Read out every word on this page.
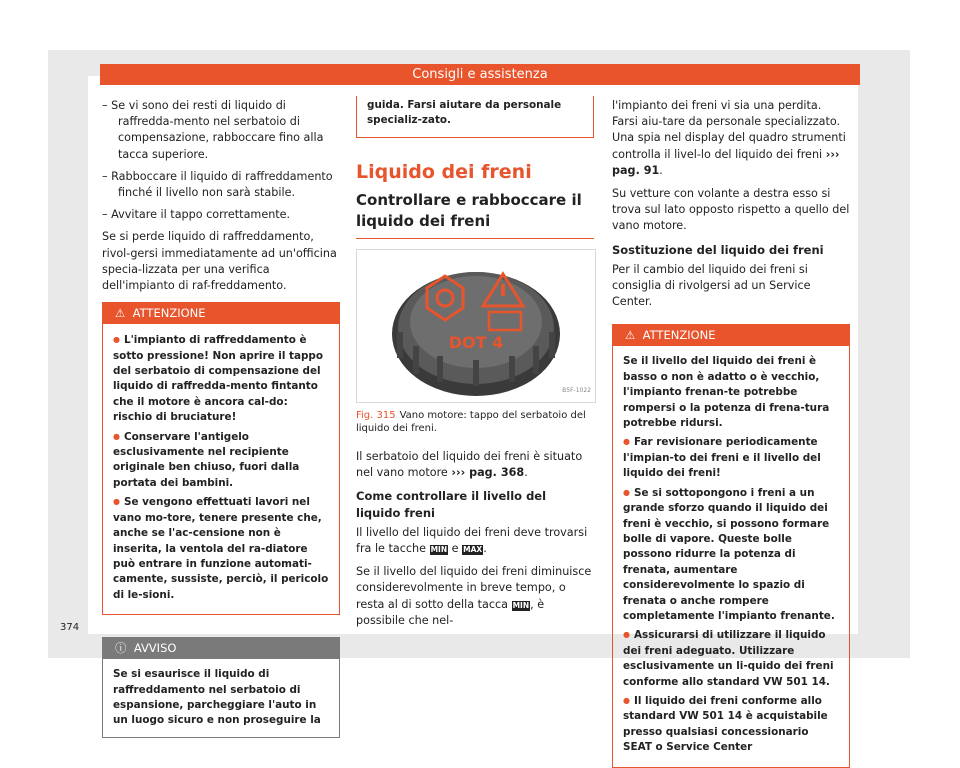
Consigli e assistenza

– Se vi sono dei resti di liquido di raffredda-mento nel serbatoio di compensazione, rabboccare fino alla tacca superiore.

– Rabboccare il liquido di raffreddamento finché il livello non sarà stabile.

– Avvitare il tappo correttamente.

Se si perde liquido di raffreddamento, rivol-gersi immediatamente ad un'officina specia-lizzata per una verifica dell'impianto di raf-freddamento.

⚠ ATTENZIONE

● L'impianto di raffreddamento è sotto pressione! Non aprire il tappo del serbatoio di compensazione del liquido di raffredda-mento fintanto che il motore è ancora cal-do: rischio di bruciature!

● Conservare l'antigelo esclusivamente nel recipiente originale ben chiuso, fuori dalla portata dei bambini.

● Se vengono effettuati lavori nel vano mo-tore, tenere presente che, anche se l'ac-censione non è inserita, la ventola del ra-diatore può entrare in funzione automati-camente, sussiste, perciò, il pericolo di le-sioni.

ⓘ AVVISO
Se si esaurisce il liquido di raffreddamento nel serbatoio di espansione, parcheggiare l'auto in un luogo sicuro e non proseguire la
guida. Farsi aiutare da personale specializ-zato.
Liquido dei freni
Controllare e rabboccare il liquido dei freni
DOT 4
B5F-1022
Fig. 315 Vano motore: tappo del serbatoio del liquido dei freni.

Il serbatoio del liquido dei freni è situato nel vano motore ››› pag. 368.

Come controllare il livello del liquido freni

Il livello del liquido dei freni deve trovarsi fra le tacche MIN e MAX.

Se il livello del liquido dei freni diminuisce considerevolmente in breve tempo, o resta al di sotto della tacca MIN, è possibile che nel-

l'impianto dei freni vi sia una perdita. Farsi aiu-tare da personale specializzato. Una spia nel display del quadro strumenti controlla il livel-lo del liquido dei freni ››› pag. 91.

Su vetture con volante a destra esso si trova sul lato opposto rispetto a quello del vano motore.

Sostituzione del liquido dei freni

Per il cambio del liquido dei freni si consiglia di rivolgersi ad un Service Center.

⚠ ATTENZIONE

Se il livello del liquido dei freni è basso o non è adatto o è vecchio, l'impianto frenan-te potrebbe rompersi o la potenza di frena-tura potrebbe ridursi.

● Far revisionare periodicamente l'impian-to dei freni e il livello del liquido dei freni!

● Se si sottopongono i freni a un grande sforzo quando il liquido dei freni è vecchio, si possono formare bolle di vapore. Queste bolle possono ridurre la potenza di frenata, aumentare considerevolmente lo spazio di frenata o anche rompere completamente l'impianto frenante.

● Assicurarsi di utilizzare il liquido dei freni adeguato. Utilizzare esclusivamente un li-quido dei freni conforme allo standard VW 501 14.

● Il liquido dei freni conforme allo standard VW 501 14 è acquistabile presso qualsiasi concessionario SEAT o Service Center

374
